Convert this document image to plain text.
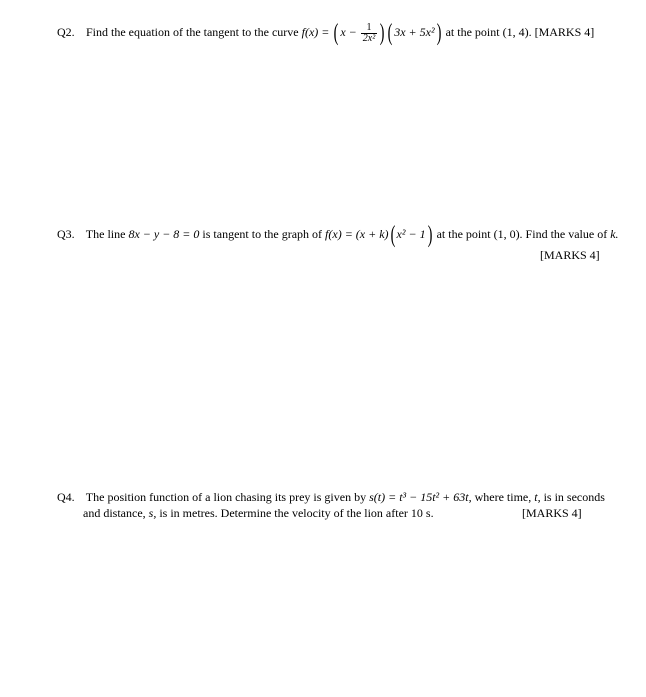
Q2. Find the equation of the tangent to the curve f(x) = ( $x - \frac{1}{\text{2x²}}$ ) ( 3x + 5x²) at the point (1, 4). [MARKS 4]
Q3. The line 8x − y − 8 = 0 is tangent to the graph of f(x) = (x + k)( x² − 1) at the point (1, 0). Find the value of k.
[MARKS 4]
Q4. The position function of a lion chasing its prey is given by s(t) = t³ − 15t² + 63t, where time, t, is in seconds
and distance, s, is in metres. Determine the velocity of the lion after 10 s.	[MARKS 4]
